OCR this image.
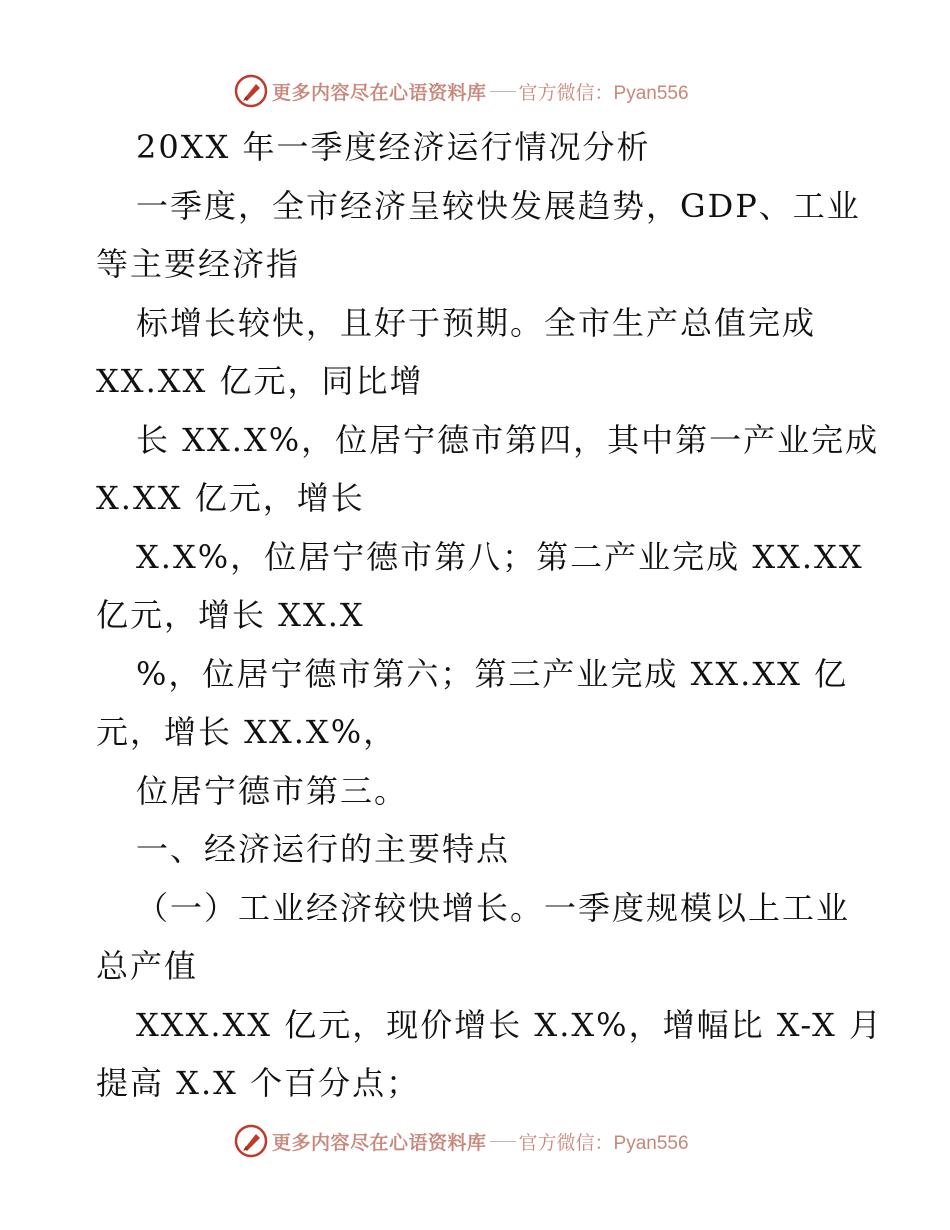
更多内容尽在心语资料库 官方微信：Pyan556
20XX 年一季度经济运行情况分析
一季度，全市经济呈较快发展趋势，GDP、工业
等主要经济指
标增长较快，且好于预期。全市生产总值完成
XX.XX 亿元，同比增
长 XX.X%，位居宁德市第四，其中第一产业完成
X.XX 亿元，增长
X.X%，位居宁德市第八；第二产业完成 XX.XX
亿元，增长 XX.X
%，位居宁德市第六；第三产业完成 XX.XX 亿
元，增长 XX.X%，
位居宁德市第三。
一、经济运行的主要特点
（一）工业经济较快增长。一季度规模以上工业
总产值
XXX.XX 亿元，现价增长 X.X%，增幅比 X-X 月
提高 X.X 个百分点；
更多内容尽在心语资料库 官方微信：Pyan556
